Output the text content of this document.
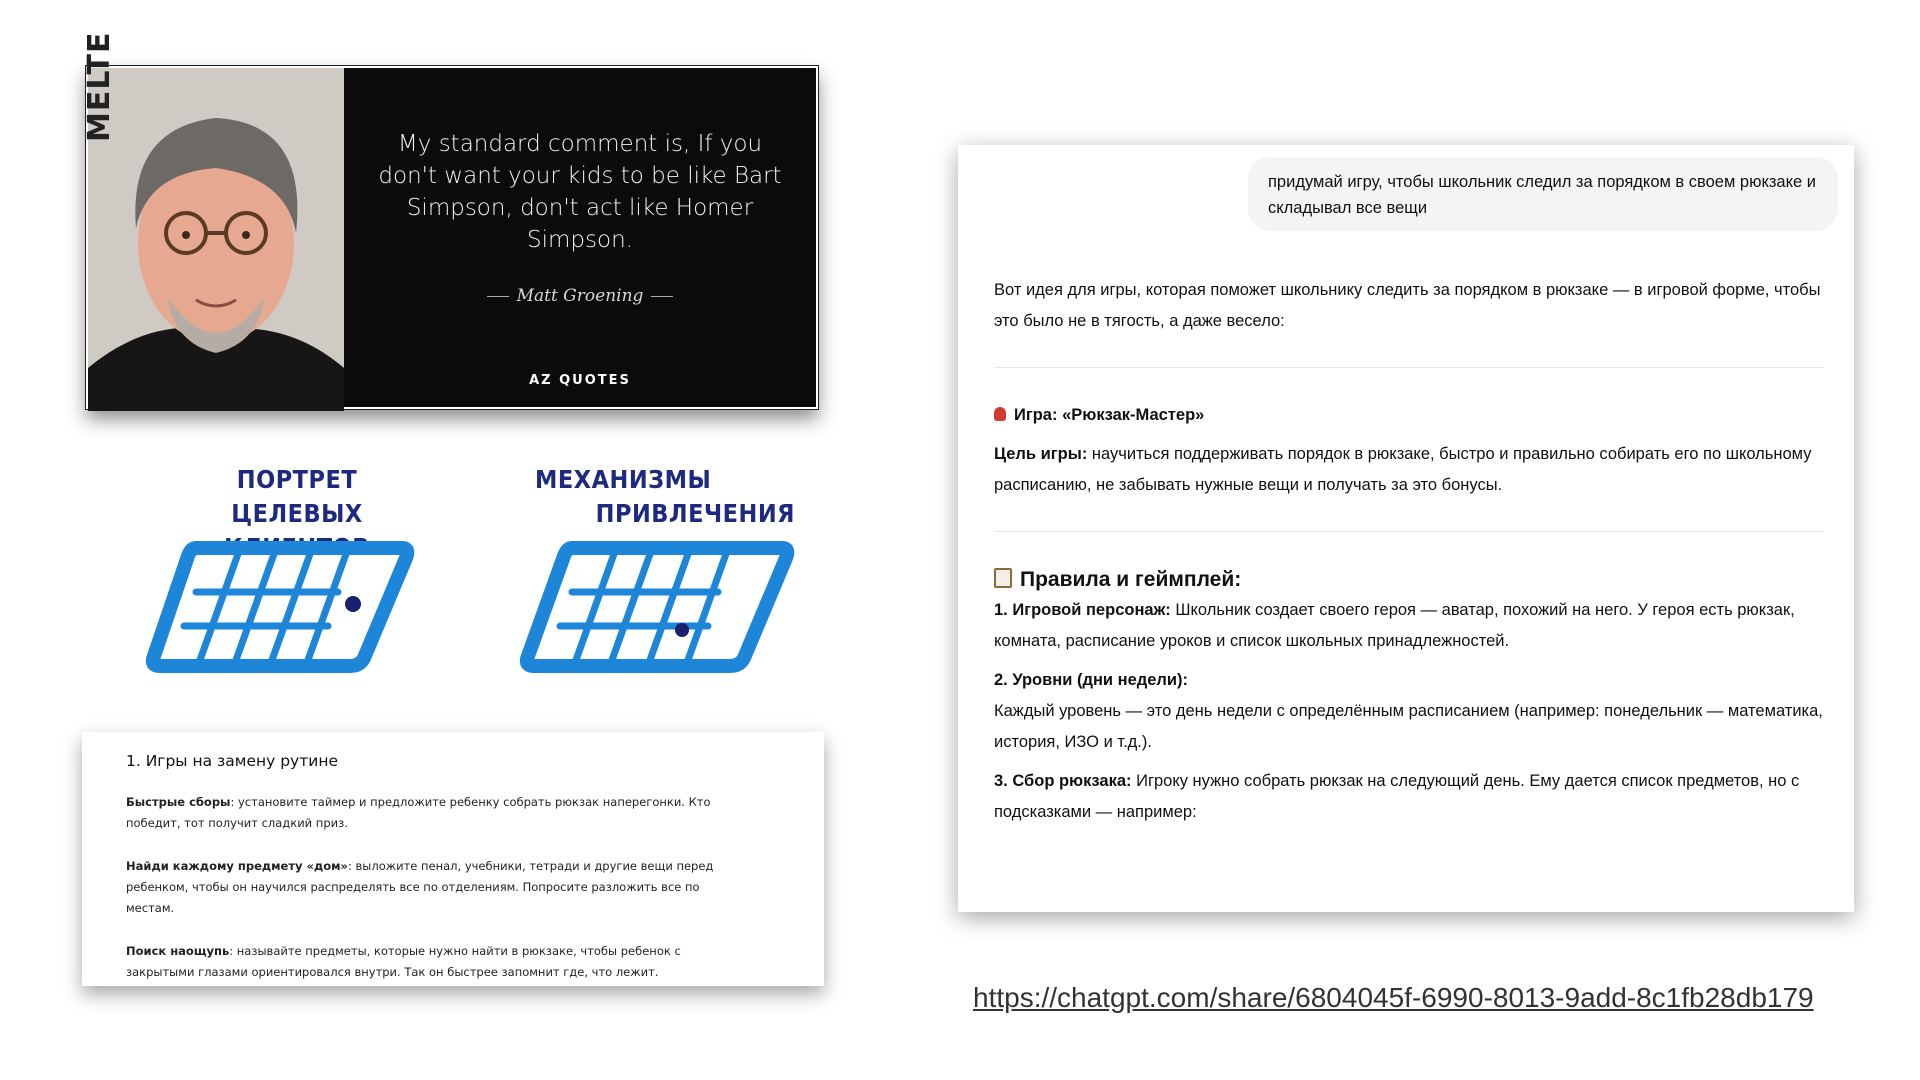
MELTE
My standard comment is, If you don't want your kids to be like Bart Simpson, don't act like Homer Simpson.
Matt Groening
AZ QUOTES
ПОРТРЕТ ЦЕЛЕВЫХ
МЕХАНИЗМЫ
ПРИВЛЕЧЕНИЯ
1. Игры на замену рутине
Быстрые сборы: установите таймер и предложите ребенку собрать рюкзак наперегонки. Кто победит, тот получит сладкий приз.
Найди каждому предмету «дом»: выложите пенал, учебники, тетради и другие вещи перед ребенком, чтобы он научился распределять все по отделениям. Попросите разложить все по местам.
Поиск наощупь: называйте предметы, которые нужно найти в рюкзаке, чтобы ребенок с закрытыми глазами ориентировался внутри. Так он быстрее запомнит где, что лежит.
придумай игру, чтобы школьник следил за порядком в своем рюкзаке и складывал все вещи

Вот идея для игры, которая поможет школьнику следить за порядком в рюкзаке — в игровой форме, чтобы это было не в тягость, а даже весело:

Игра: «Рюкзак-Мастер»

Цель игры: научиться поддерживать порядок в рюкзаке, быстро и правильно собирать его по школьному расписанию, не забывать нужные вещи и получать за это бонусы.

Правила и геймплей:

1. Игровой персонаж: Школьник создает своего героя — аватар, похожий на него. У героя есть рюкзак, комната, расписание уроков и список школьных принадлежностей.

2. Уровни (дни недели):
Каждый уровень — это день недели с определённым расписанием (например: понедельник — математика, история, ИЗО и т.д.).

3. Сбор рюкзака: Игроку нужно собрать рюкзак на следующий день. Ему дается список предметов, но с подсказками — например:

https://chatgpt.com/share/6804045f-6990-8013-9add-8c1fb28db179
